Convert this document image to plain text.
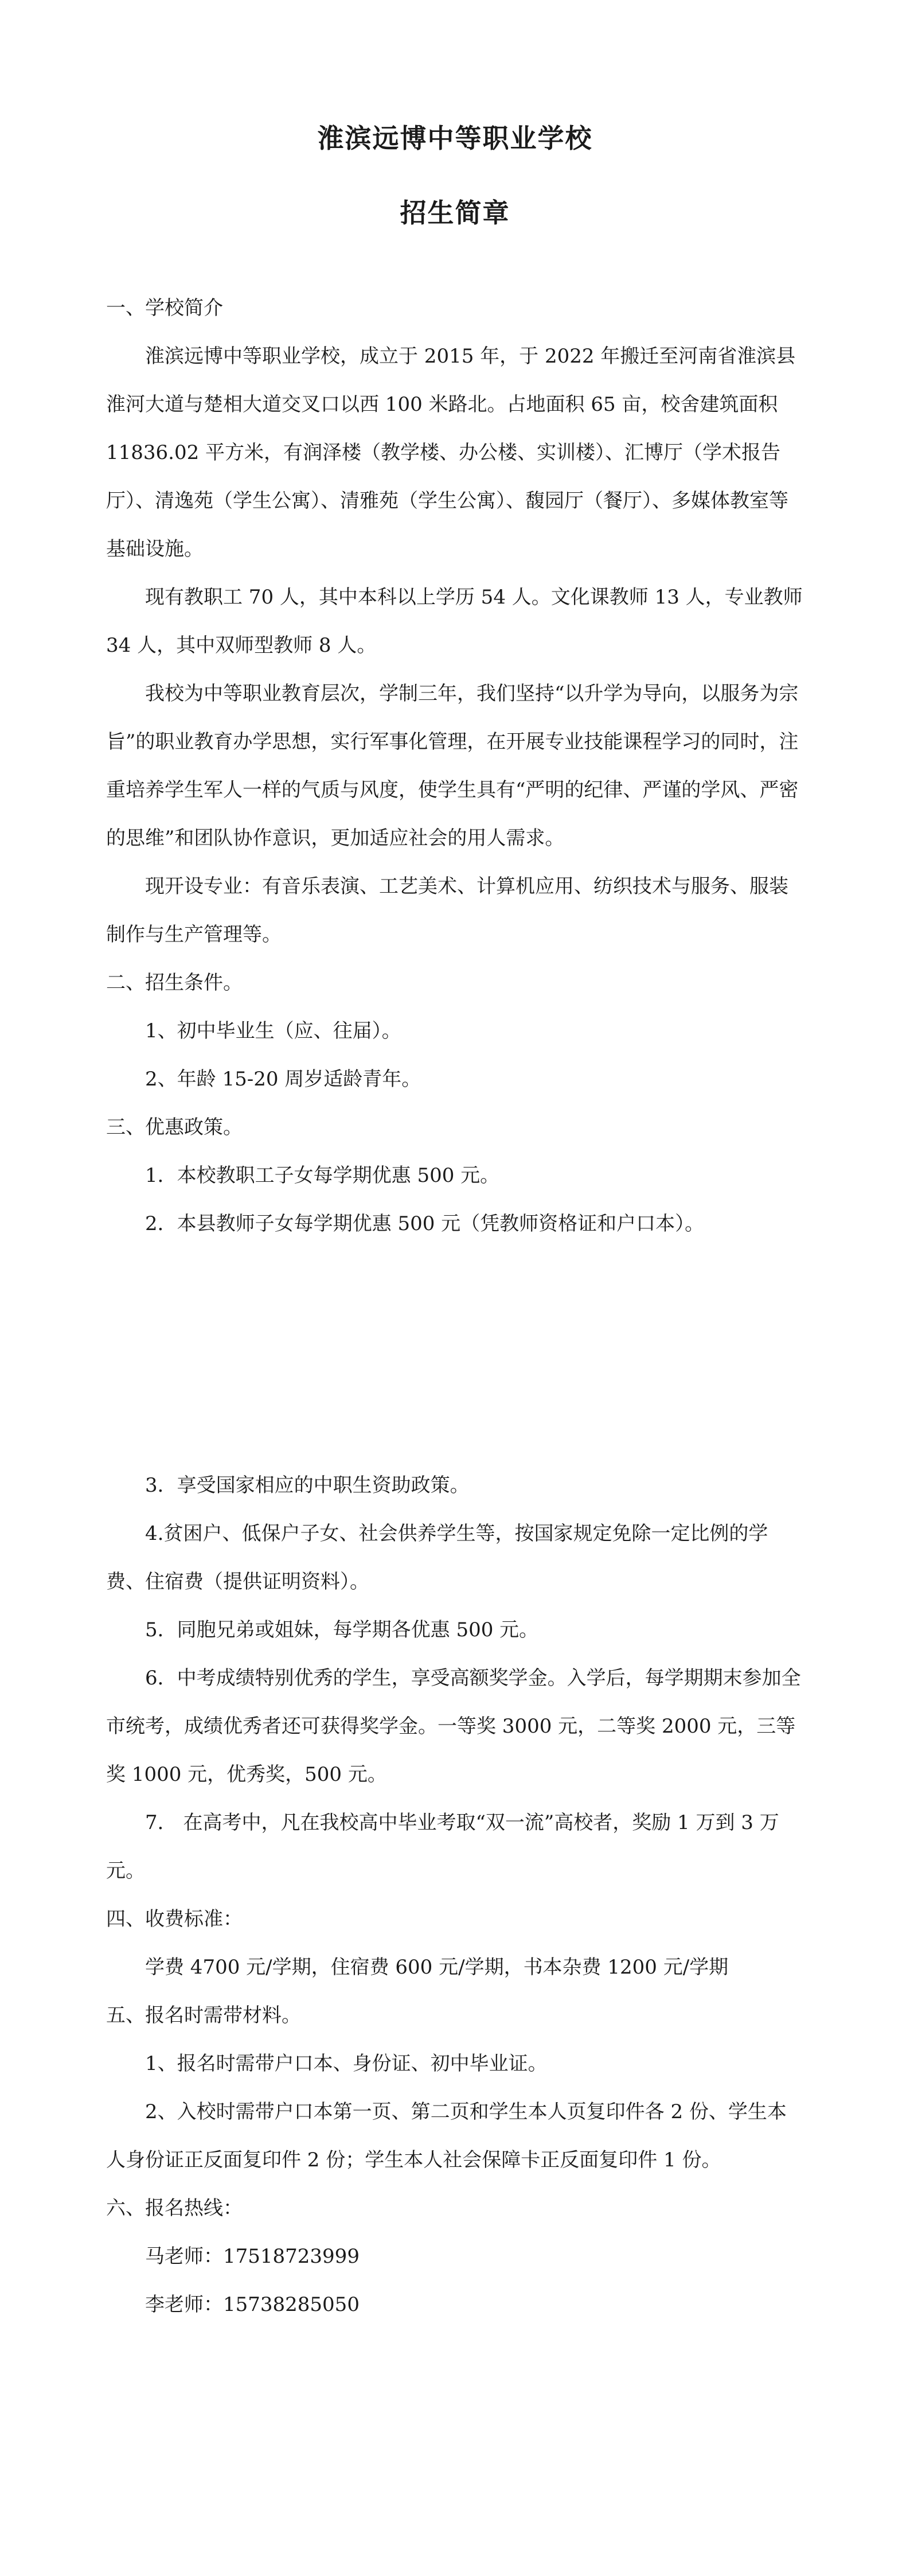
淮滨远博中等职业学校
招生简章

一、学校简介

淮滨远博中等职业学校，成立于 2015 年，于 2022 年搬迁至河南省淮滨县淮河大道与楚相大道交叉口以西 100 米路北。占地面积 65 亩，校舍建筑面积 11836.02 平方米，有润泽楼（教学楼、办公楼、实训楼）、汇博厅（学术报告厅）、清逸苑（学生公寓）、清雅苑（学生公寓）、馥园厅（餐厅）、多媒体教室等基础设施。

现有教职工 70 人，其中本科以上学历 54 人。文化课教师 13 人，专业教师 34 人，其中双师型教师 8 人。

我校为中等职业教育层次，学制三年，我们坚持“以升学为导向，以服务为宗旨”的职业教育办学思想，实行军事化管理，在开展专业技能课程学习的同时，注重培养学生军人一样的气质与风度，使学生具有“严明的纪律、严谨的学风、严密的思维”和团队协作意识，更加适应社会的用人需求。

现开设专业：有音乐表演、工艺美术、计算机应用、纺织技术与服务、服装制作与生产管理等。

二、招生条件。

1、初中毕业生（应、往届）。

2、年龄 15-20 周岁适龄青年。

三、优惠政策。

1．本校教职工子女每学期优惠 500 元。

2．本县教师子女每学期优惠 500 元（凭教师资格证和户口本）。

3．享受国家相应的中职生资助政策。

4.贫困户、低保户子女、社会供养学生等，按国家规定免除一定比例的学费、住宿费（提供证明资料）。

5．同胞兄弟或姐妹，每学期各优惠 500 元。

6．中考成绩特别优秀的学生，享受高额奖学金。入学后，每学期期末参加全市统考，成绩优秀者还可获得奖学金。一等奖 3000 元，二等奖 2000 元，三等奖 1000 元，优秀奖，500 元。

7． 在高考中，凡在我校高中毕业考取“双一流”高校者，奖励 1 万到 3 万元。

四、收费标准：

学费 4700 元/学期，住宿费 600 元/学期，书本杂费 1200 元/学期

五、报名时需带材料。

1、报名时需带户口本、身份证、初中毕业证。

2、入校时需带户口本第一页、第二页和学生本人页复印件各 2 份、学生本人身份证正反面复印件 2 份；学生本人社会保障卡正反面复印件 1 份。

六、报名热线：

马老师：17518723999

李老师：15738285050
